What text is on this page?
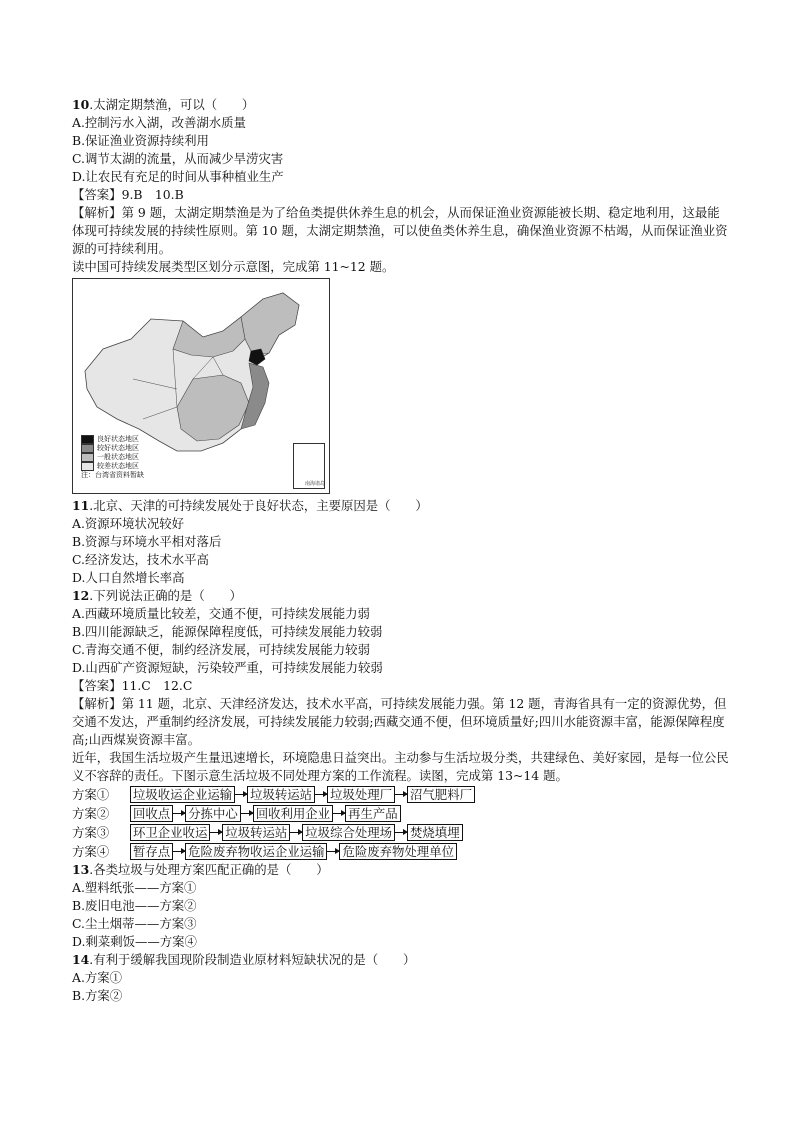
10.太湖定期禁渔，可以（　　）
A.控制污水入湖，改善湖水质量
B.保证渔业资源持续利用
C.调节太湖的流量，从而减少旱涝灾害
D.让农民有充足的时间从事种植业生产
【答案】9.B　10.B
【解析】第 9 题，太湖定期禁渔是为了给鱼类提供休养生息的机会，从而保证渔业资源能被长期、稳定地利用，这最能体现可持续发展的持续性原则。第 10 题，太湖定期禁渔，可以使鱼类休养生息，确保渔业资源不枯竭，从而保证渔业资源的可持续利用。
读中国可持续发展类型区划分示意图，完成第 11~12 题。
良好状态地区
较好状态地区
一般状态地区
较差状态地区
注：台湾省资料暂缺
南海诸岛
11.北京、天津的可持续发展处于良好状态，主要原因是（　　）
A.资源环境状况较好
B.资源与环境水平相对落后
C.经济发达，技术水平高
D.人口自然增长率高
12.下列说法正确的是（　　）
A.西藏环境质量比较差，交通不便，可持续发展能力弱
B.四川能源缺乏，能源保障程度低，可持续发展能力较弱
C.青海交通不便，制约经济发展，可持续发展能力较弱
D.山西矿产资源短缺，污染较严重，可持续发展能力较弱
【答案】11.C　12.C
【解析】第 11 题，北京、天津经济发达，技术水平高，可持续发展能力强。第 12 题，青海省具有一定的资源优势，但交通不发达，严重制约经济发展，可持续发展能力较弱;西藏交通不便，但环境质量好;四川水能资源丰富，能源保障程度高;山西煤炭资源丰富。
近年，我国生活垃圾产生量迅速增长，环境隐患日益突出。主动参与生活垃圾分类，共建绿色、美好家园，是每一位公民义不容辞的责任。下图示意生活垃圾不同处理方案的工作流程。读图，完成第 13~14 题。
方案①	垃圾收运企业运输 垃圾转运站 垃圾处理厂 沼气肥料厂
方案②	回收点 分拣中心 回收利用企业 再生产品
方案③	环卫企业收运 垃圾转运站 垃圾综合处理场 焚烧填埋
方案④	暂存点 危险废弃物收运企业运输 危险废弃物处理单位
13.各类垃圾与处理方案匹配正确的是（　　）
A.塑料纸张——方案①
B.废旧电池——方案②
C.尘土烟蒂——方案③
D.剩菜剩饭——方案④
14.有利于缓解我国现阶段制造业原材料短缺状况的是（　　）
A.方案①
B.方案②
